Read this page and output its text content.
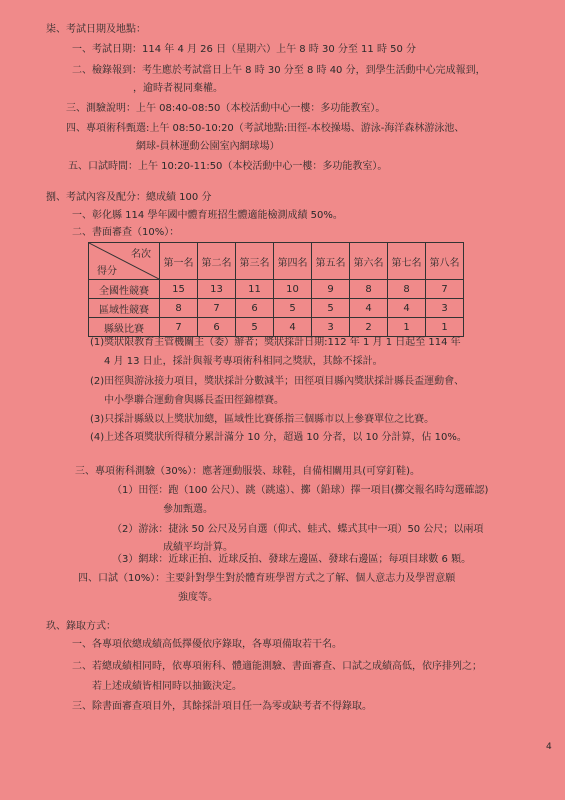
柒、考試日期及地點：
一、考試日期：114 年 4 月 26 日（星期六）上午 8 時 30 分至 11 時 50 分
二、檢錄報到：考生應於考試當日上午 8 時 30 分至 8 時 40 分，到學生活動中心完成報到，
，逾時者視同棄權。
三、測驗說明：上午 08:40-08:50（本校活動中心一樓：多功能教室）。
四、專項術科甄選:上午 08:50-10:20（考試地點:田徑-本校操場、游泳-海洋森林游泳池、
網球-員林運動公園室內網球場）
五、口試時間：上午 10:20-11:50（本校活動中心一樓：多功能教室）。
捌、考試內容及配分：總成績 100 分
一、彰化縣 114 學年國中體育班招生體適能檢測成績 50%。
二、書面審查（10%）：
名次
得分	第一名	第二名	第三名	第四名	第五名	第六名	第七名	第八名
全國性競賽	15	13	11	10	9	8	8	7
區域性競賽	8	7	6	5	5	4	4	3
縣級比賽	7	6	5	4	3	2	1	1
(1)獎狀限教育主管機關主（委）辦者；獎狀採計日期:112 年 1 月 1 日起至 114 年
4 月 13 日止，採計與報考專項術科相同之獎狀，其餘不採計。
(2)田徑與游泳接力項目，獎狀採計分數減半；田徑項目縣內獎狀採計縣長盃運動會、
中小學聯合運動會與縣長盃田徑錦標賽。
(3)只採計縣級以上獎狀加總，區域性比賽係指三個縣市以上參賽單位之比賽。
(4)上述各項獎狀所得積分累計滿分 10 分，超過 10 分者，以 10 分計算，佔 10%。
三、專項術科測驗（30%）：應著運動服裝、球鞋，自備相關用具(可穿釘鞋)。
（1）田徑：跑（100 公尺）、跳（跳遠）、擲（鉛球）擇一項目(擲交報名時勾選確認)
參加甄選。
（2）游泳：捷泳 50 公尺及另自選（仰式、蛙式、蝶式其中一項）50 公尺；以兩項
成績平均計算。
（3）網球：近球正拍、近球反拍、發球左邊區、發球右邊區；每項目球數 6 顆。
四、口試（10%）：主要針對學生對於體育班學習方式之了解、個人意志力及學習意願
強度等。
玖、錄取方式：
一、各專項依總成績高低擇優依序錄取，各專項備取若干名。
二、若總成績相同時，依專項術科、體適能測驗、書面審查、口試之成績高低，依序排列之；
若上述成績皆相同時以抽籤決定。
三、除書面審查項目外，其餘採計項目任一為零或缺考者不得錄取。
4
